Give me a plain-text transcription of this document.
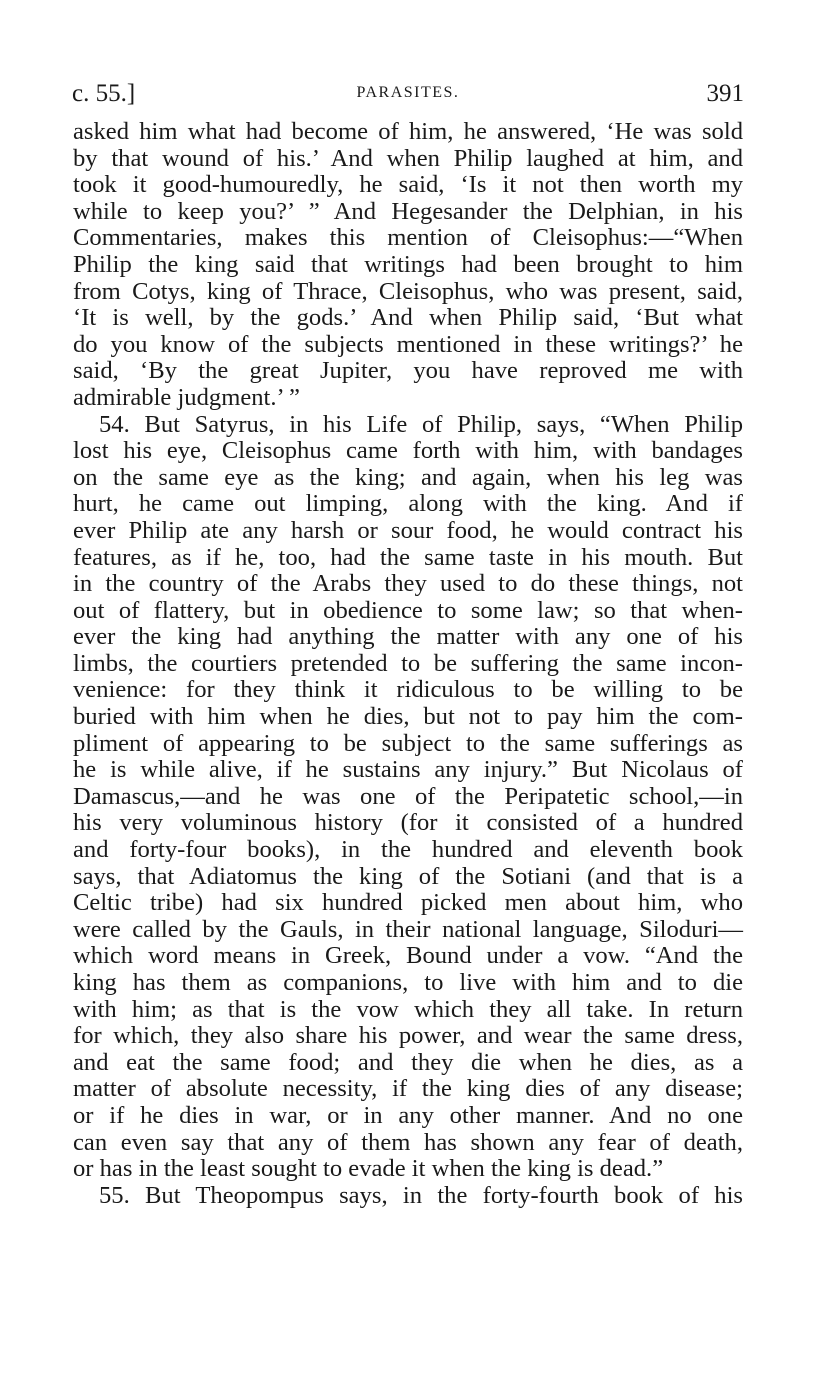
c. 55.]	PARASITES.	391
asked him what had become of him, he answered, ‘He was sold
by that wound of his.’ And when Philip laughed at him, and
took it good-humouredly, he said, ‘Is it not then worth my
while to keep you?’ ” And Hegesander the Delphian, in his
Commentaries, makes this mention of Cleisophus:—“When
Philip the king said that writings had been brought to him
from Cotys, king of Thrace, Cleisophus, who was present, said,
‘It is well, by the gods.’ And when Philip said, ‘But what
do you know of the subjects mentioned in these writings?’ he
said, ‘By the great Jupiter, you have reproved me with
admirable judgment.’ ”
54. But Satyrus, in his Life of Philip, says, “When Philip
lost his eye, Cleisophus came forth with him, with bandages
on the same eye as the king; and again, when his leg was
hurt, he came out limping, along with the king. And if
ever Philip ate any harsh or sour food, he would contract his
features, as if he, too, had the same taste in his mouth. But
in the country of the Arabs they used to do these things, not
out of flattery, but in obedience to some law; so that when-
ever the king had anything the matter with any one of his
limbs, the courtiers pretended to be suffering the same incon-
venience: for they think it ridiculous to be willing to be
buried with him when he dies, but not to pay him the com-
pliment of appearing to be subject to the same sufferings as
he is while alive, if he sustains any injury.” But Nicolaus of
Damascus,—and he was one of the Peripatetic school,—in
his very voluminous history (for it consisted of a hundred
and forty-four books), in the hundred and eleventh book
says, that Adiatomus the king of the Sotiani (and that is a
Celtic tribe) had six hundred picked men about him, who
were called by the Gauls, in their national language, Siloduri—
which word means in Greek, Bound under a vow. “And the
king has them as companions, to live with him and to die
with him; as that is the vow which they all take. In return
for which, they also share his power, and wear the same dress,
and eat the same food; and they die when he dies, as a
matter of absolute necessity, if the king dies of any disease;
or if he dies in war, or in any other manner. And no one
can even say that any of them has shown any fear of death,
or has in the least sought to evade it when the king is dead.”
55. But Theopompus says, in the forty-fourth book of his
